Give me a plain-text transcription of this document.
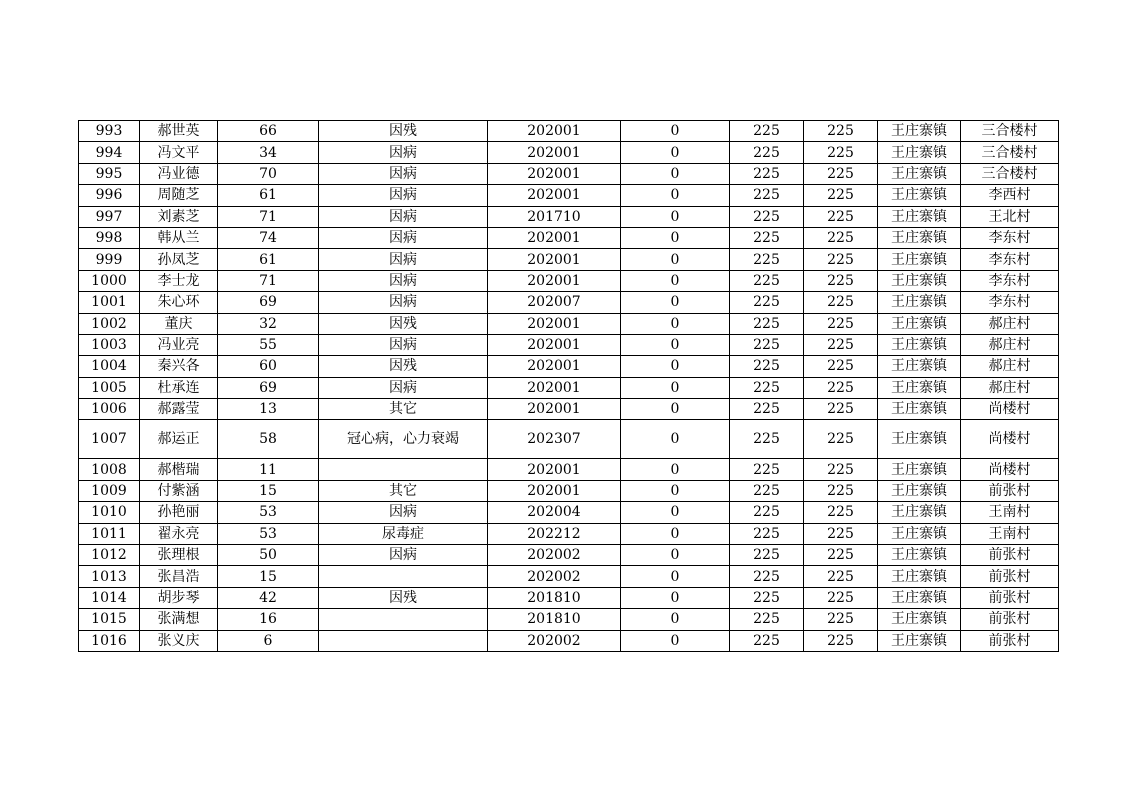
993	郝世英	66	因残	202001	0	225	225	王庄寨镇	三合楼村
994	冯文平	34	因病	202001	0	225	225	王庄寨镇	三合楼村
995	冯业德	70	因病	202001	0	225	225	王庄寨镇	三合楼村
996	周随芝	61	因病	202001	0	225	225	王庄寨镇	李西村
997	刘素芝	71	因病	201710	0	225	225	王庄寨镇	王北村
998	韩从兰	74	因病	202001	0	225	225	王庄寨镇	李东村
999	孙凤芝	61	因病	202001	0	225	225	王庄寨镇	李东村
1000	李士龙	71	因病	202001	0	225	225	王庄寨镇	李东村
1001	朱心环	69	因病	202007	0	225	225	王庄寨镇	李东村
1002	董庆	32	因残	202001	0	225	225	王庄寨镇	郝庄村
1003	冯业亮	55	因病	202001	0	225	225	王庄寨镇	郝庄村
1004	秦兴各	60	因残	202001	0	225	225	王庄寨镇	郝庄村
1005	杜承连	69	因病	202001	0	225	225	王庄寨镇	郝庄村
1006	郝露莹	13	其它	202001	0	225	225	王庄寨镇	尚楼村
1007	郝运正	58	冠心病，心力衰竭	202307	0	225	225	王庄寨镇	尚楼村
1008	郝楷瑞	11		202001	0	225	225	王庄寨镇	尚楼村
1009	付紫涵	15	其它	202001	0	225	225	王庄寨镇	前张村
1010	孙艳丽	53	因病	202004	0	225	225	王庄寨镇	王南村
1011	翟永亮	53	尿毒症	202212	0	225	225	王庄寨镇	王南村
1012	张理根	50	因病	202002	0	225	225	王庄寨镇	前张村
1013	张昌浩	15		202002	0	225	225	王庄寨镇	前张村
1014	胡步琴	42	因残	201810	0	225	225	王庄寨镇	前张村
1015	张满想	16		201810	0	225	225	王庄寨镇	前张村
1016	张义庆	6		202002	0	225	225	王庄寨镇	前张村
